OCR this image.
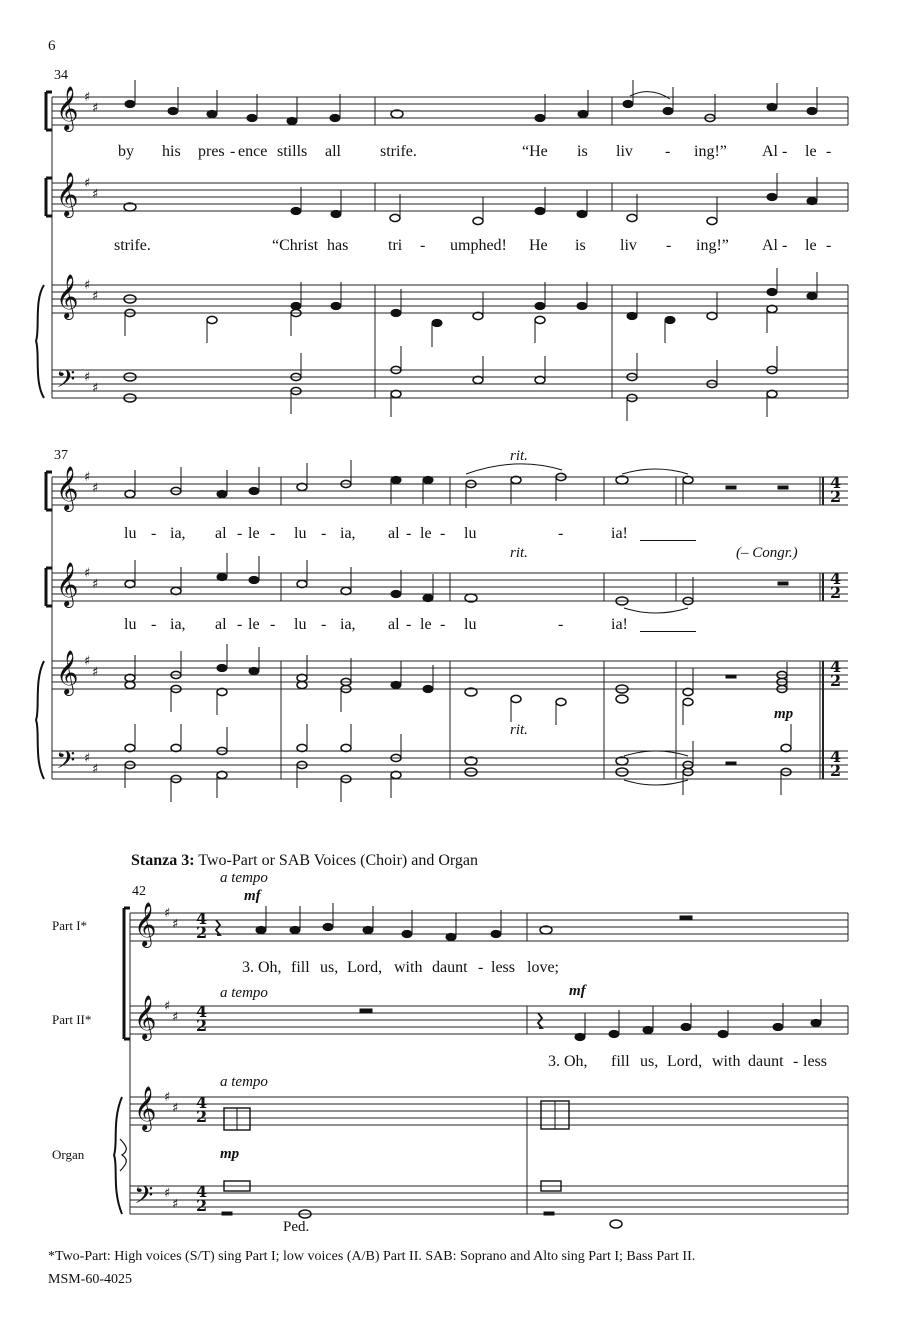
𝄞
𝄞
𝄞
𝄢
𝄞
𝄞
𝄞
𝄢
𝄞
𝄞
𝄞
𝄢
♯
♯
♯
♯
♯
♯
♯
♯
♯
♯
♯
♯
♯
♯
♯
♯
♯
♯
♯
♯
♯
♯
♯
♯
4
2
4
2
4
2
4
2
4
2
4
2
4
2
4
2
6
34
by his pres - ence stills all strife.	“He is liv - ing!” Al - le -
strife.	“Christ has tri - umphed! He is liv - ing!” Al - le -
37	rit.
rit.	(– Congr.)
rit.
mp
lu - ia, al - le - lu - ia, al - le - lu	-	ia!
lu - ia, al - le - lu - ia, al - le - lu	-	ia!
Stanza 3: Two-Part or SAB Voices (Choir) and Organ
42
a tempo
mf
a tempo	mf
a tempo
mp
Ped.
Part I*
Part II*
Organ
3. Oh, fill us, Lord, with daunt - less love;
3. Oh, fill us, Lord, with daunt - less
*Two-Part: High voices (S/T) sing Part I; low voices (A/B) Part II. SAB: Soprano and Alto sing Part I; Bass Part II.
MSM-60-4025
